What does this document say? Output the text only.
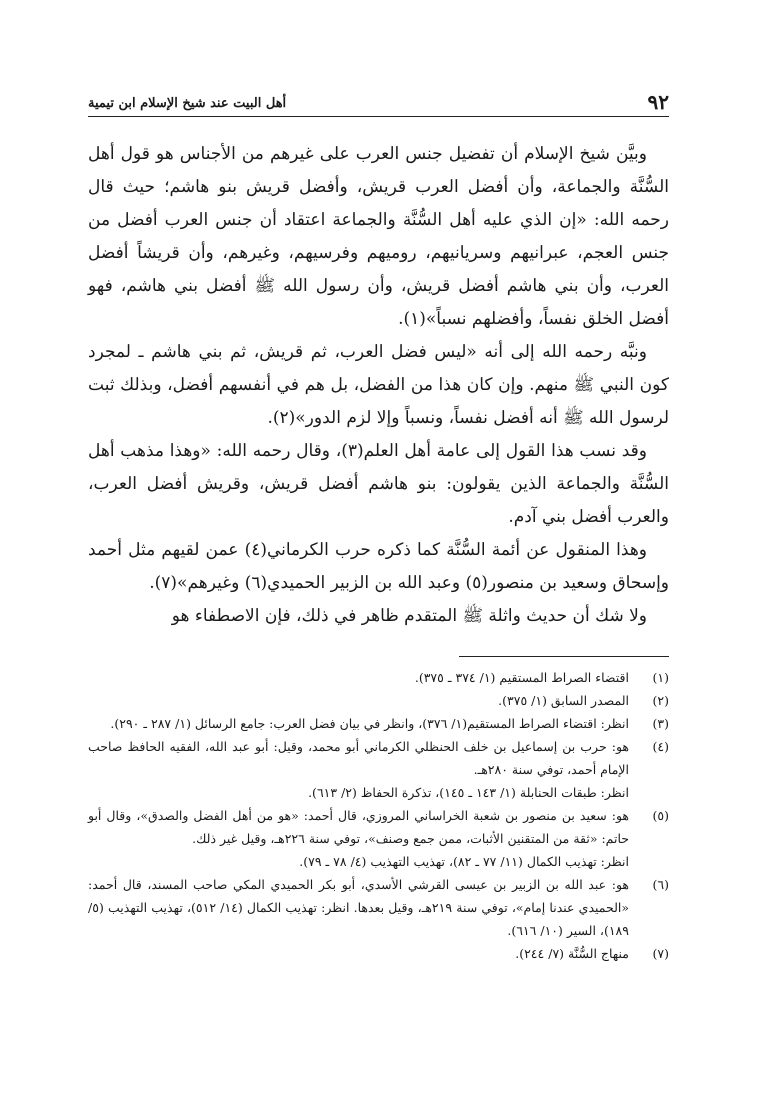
٩٢
أهل البيت عند شيخ الإسلام ابن تيمية

وبيَّن شيخ الإسلام أن تفضيل جنس العرب على غيرهم من الأجناس هو قول أهل السُّنَّة والجماعة، وأن أفضل العرب قريش، وأفضل قريش بنو هاشم؛ حيث قال رحمه الله: «إن الذي عليه أهل السُّنَّة والجماعة اعتقاد أن جنس العرب أفضل من جنس العجم، عبرانيهم وسريانيهم، روميهم وفرسيهم، وغيرهم، وأن قريشاً أفضل العرب، وأن بني هاشم أفضل قريش، وأن رسول الله ﷺ أفضل بني هاشم، فهو أفضل الخلق نفساً، وأفضلهم نسباً»(١).

ونبَّه رحمه الله إلى أنه «ليس فضل العرب، ثم قريش، ثم بني هاشم ـ لمجرد كون النبي ﷺ منهم. وإن كان هذا من الفضل، بل هم في أنفسهم أفضل، وبذلك ثبت لرسول الله ﷺ أنه أفضل نفساً، ونسباً وإلا لزم الدور»(٢).

وقد نسب هذا القول إلى عامة أهل العلم(٣)، وقال رحمه الله: «وهذا مذهب أهل السُّنَّة والجماعة الذين يقولون: بنو هاشم أفضل قريش، وقريش أفضل العرب، والعرب أفضل بني آدم.

وهذا المنقول عن أئمة السُّنَّة كما ذكره حرب الكرماني(٤) عمن لقيهم مثل أحمد وإسحاق وسعيد بن منصور(٥) وعبد الله بن الزبير الحميدي(٦) وغيرهم»(٧).

ولا شك أن حديث واثلة ﷺ المتقدم ظاهر في ذلك، فإن الاصطفاء هو

(١)
اقتضاء الصراط المستقيم (١/ ٣٧٤ ـ ٣٧٥).
(٢)
المصدر السابق (١/ ٣٧٥).
(٣)
انظر: اقتضاء الصراط المستقيم(١/ ٣٧٦)، وانظر في بيان فضل العرب: جامع الرسائل (١/ ٢٨٧ ـ ٢٩٠).
(٤)
هو: حرب بن إسماعيل بن خلف الحنظلي الكرماني أبو محمد، وقيل: أبو عبد الله، الفقيه الحافظ صاحب الإمام أحمد، توفي سنة ٢٨٠هـ.
انظر: طبقات الحنابلة (١/ ١٤٣ ـ ١٤٥)، تذكرة الحفاظ (٢/ ٦١٣).
(٥)
هو: سعيد بن منصور بن شعبة الخراساني المروزي، قال أحمد: «هو من أهل الفضل والصدق»، وقال أبو حاتم: «ثقة من المتقنين الأثبات، ممن جمع وصنف»، توفي سنة ٢٢٦هـ، وقيل غير ذلك.
انظر: تهذيب الكمال (١١/ ٧٧ ـ ٨٢)، تهذيب التهذيب (٤/ ٧٨ ـ ٧٩).
(٦)
هو: عبد الله بن الزبير بن عيسى القرشي الأسدي، أبو بكر الحميدي المكي صاحب المسند، قال أحمد: «الحميدي عندنا إمام»، توفي سنة ٢١٩هـ، وقيل بعدها. انظر: تهذيب الكمال (١٤/ ٥١٢)، تهذيب التهذيب (٥/ ١٨٩)، السير (١٠/ ٦١٦).
(٧)
منهاج السُّنَّة (٧/ ٢٤٤).
